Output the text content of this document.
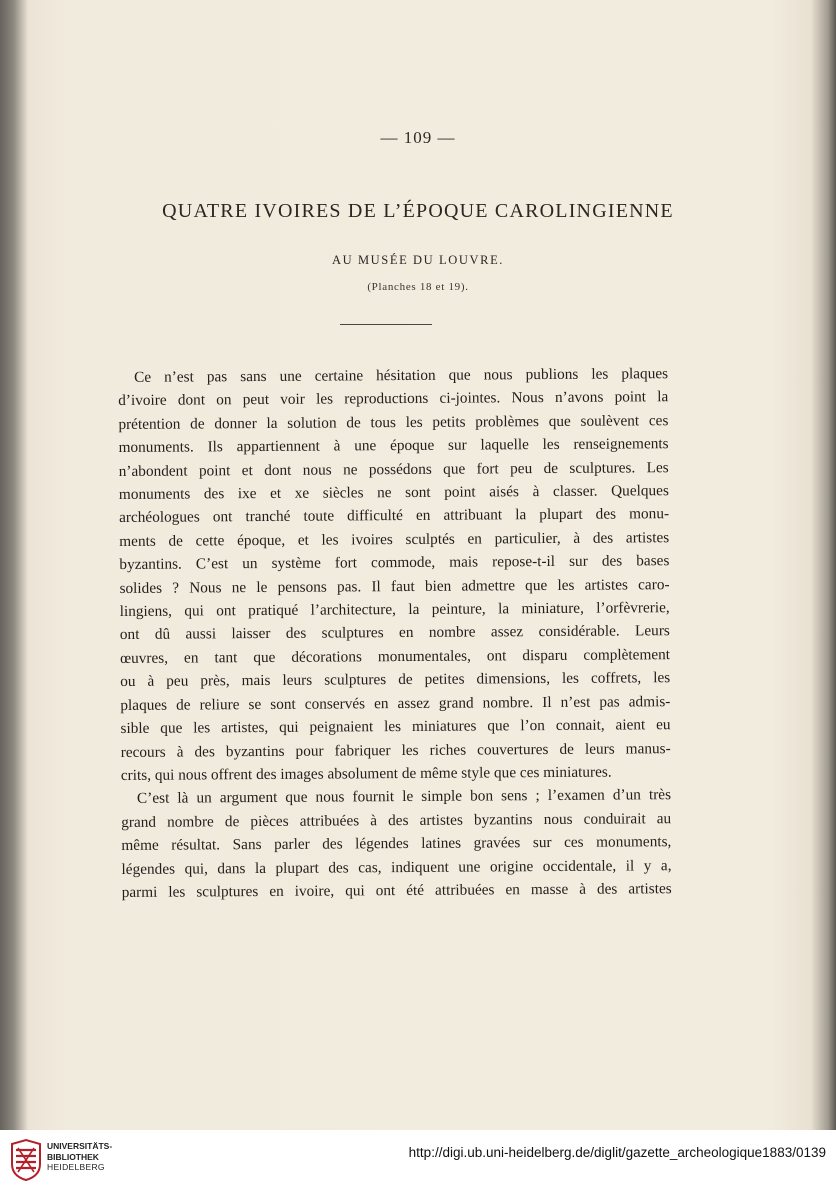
— 109 —
QUATRE IVOIRES DE L’ÉPOQUE CAROLINGIENNE
AU MUSÉE DU LOUVRE.
(Planches 18 et 19).
Ce n’est pas sans une certaine hésitation que nous publions les plaques
d’ivoire dont on peut voir les reproductions ci-jointes. Nous n’avons point la
prétention de donner la solution de tous les petits problèmes que soulèvent ces
monuments. Ils appartiennent à une époque sur laquelle les renseignements
n’abondent point et dont nous ne possédons que fort peu de sculptures. Les
monuments des ixe et xe siècles ne sont point aisés à classer. Quelques
archéologues ont tranché toute difficulté en attribuant la plupart des monu-
ments de cette époque, et les ivoires sculptés en particulier, à des artistes
byzantins. C’est un système fort commode, mais repose-t-il sur des bases
solides ? Nous ne le pensons pas. Il faut bien admettre que les artistes caro-
lingiens, qui ont pratiqué l’architecture, la peinture, la miniature, l’orfèvrerie,
ont dû aussi laisser des sculptures en nombre assez considérable. Leurs
œuvres, en tant que décorations monumentales, ont disparu complètement
ou à peu près, mais leurs sculptures de petites dimensions, les coffrets, les
plaques de reliure se sont conservés en assez grand nombre. Il n’est pas admis-
sible que les artistes, qui peignaient les miniatures que l’on connait, aient eu
recours à des byzantins pour fabriquer les riches couvertures de leurs manus-
crits, qui nous offrent des images absolument de même style que ces miniatures.
C’est là un argument que nous fournit le simple bon sens ; l’examen d’un très
grand nombre de pièces attribuées à des artistes byzantins nous conduirait au
même résultat. Sans parler des légendes latines gravées sur ces monuments,
légendes qui, dans la plupart des cas, indiquent une origine occidentale, il y a,
parmi les sculptures en ivoire, qui ont été attribuées en masse à des artistes
UNIVERSITÄTS-
BIBLIOTHEK
HEIDELBERG
http://digi.ub.uni-heidelberg.de/diglit/gazette_archeologique1883/0139
